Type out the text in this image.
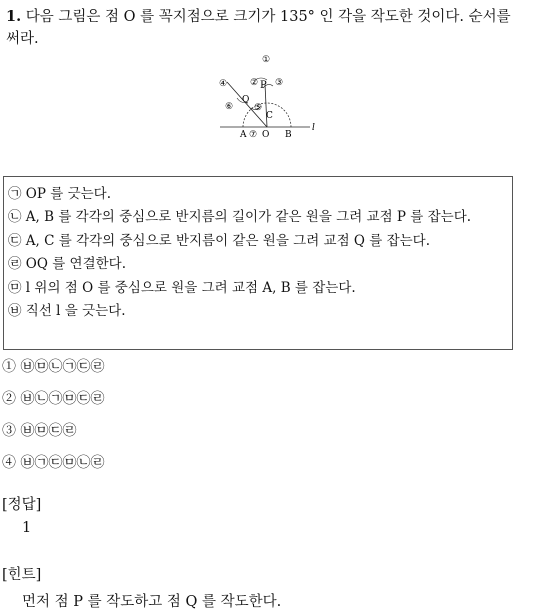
1. 다음 그림은 점 O 를 꼭지점으로 크기가 135° 인 각을 작도한 것이다. 순서를 써라.
①
② P ③
④
Q
⑤
⑥
C
A ⑦ O B
l
㉠ OP 를 긋는다.
㉡ A, B 를 각각의 중심으로 반지름의 길이가 같은 원을 그려 교점 P 를 잡는다.
㉢ A, C 를 각각의 중심으로 반지름이 같은 원을 그려 교점 Q 를 잡는다.
㉣ OQ 를 연결한다.
㉤ l 위의 점 O 를 중심으로 원을 그려 교점 A, B 를 잡는다.
㉥ 직선 l 을 긋는다.
① ㉥㉤㉡㉠㉢㉣
② ㉥㉡㉠㉤㉢㉣
③ ㉥㉤㉢㉣
④ ㉥㉠㉢㉤㉡㉣
[정답]
1
[힌트]
먼저 점 P 를 작도하고 점 Q 를 작도한다.
